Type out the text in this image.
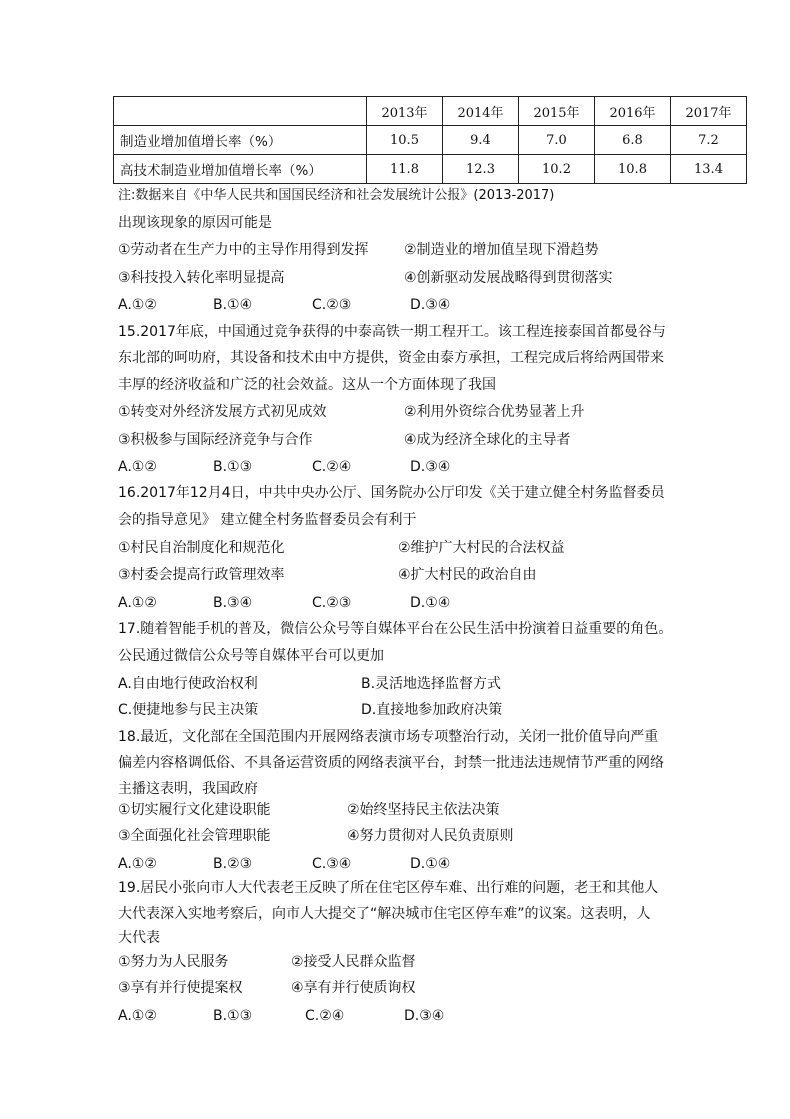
	2013年	2014年	2015年	2016年	2017年
制造业增加值增长率（%）	10.5	9.4	7.0	6.8	7.2
高技术制造业增加值增长率（%）	11.8	12.3	10.2	10.8	13.4
注:数据来自《中华人民共和国国民经济和社会发展统计公报》(2013-2017)
出现该现象的原因可能是
①劳动者在生产力中的主导作用得到发挥	②制造业的增加值呈现下滑趋势
③科技投入转化率明显提高	④创新驱动发展战略得到贯彻落实
A.①②	B.①④	C.②③	D.③④
15.2017年底，中国通过竞争获得的中泰高铁一期工程开工。该工程连接泰国首都曼谷与
东北部的呵叻府，其设备和技术由中方提供，资金由泰方承担，工程完成后将给两国带来
丰厚的经济收益和广泛的社会效益。这从一个方面体现了我国
①转变对外经济发展方式初见成效	②利用外资综合优势显著上升
③积极参与国际经济竞争与合作	④成为经济全球化的主导者
A.①②	B.①③	C.②④	D.③④
16.2017年12月4日，中共中央办公厅、国务院办公厅印发《关于建立健全村务监督委员
会的指导意见》 建立健全村务监督委员会有利于
①村民自治制度化和规范化	②维护广大村民的合法权益
③村委会提高行政管理效率	④扩大村民的政治自由
A.①②	B.③④	C.②③	D.①④
17.随着智能手机的普及，微信公众号等自媒体平台在公民生活中扮演着日益重要的角色。
公民通过微信公众号等自媒体平台可以更加
A.自由地行使政治权利	B.灵活地选择监督方式
C.便捷地参与民主决策	D.直接地参加政府决策
18.最近，文化部在全国范围内开展网络表演市场专项整治行动，关闭一批价值导向严重
偏差内容格调低俗、不具备运营资质的网络表演平台，封禁一批违法违规情节严重的网络
主播这表明，我国政府
①切实履行文化建设职能	②始终坚持民主依法决策
③全面强化社会管理职能	④努力贯彻对人民负责原则
A.①②	B.②③	C.③④	D.①④
19.居民小张向市人大代表老王反映了所在住宅区停车难、出行难的问题，老王和其他人
大代表深入实地考察后，向市人大提交了“解决城市住宅区停车难”的议案。这表明，人
大代表
①努力为人民服务	②接受人民群众监督
③享有并行使提案权	④享有并行使质询权
A.①②	B.①③	C.②④	D.③④
